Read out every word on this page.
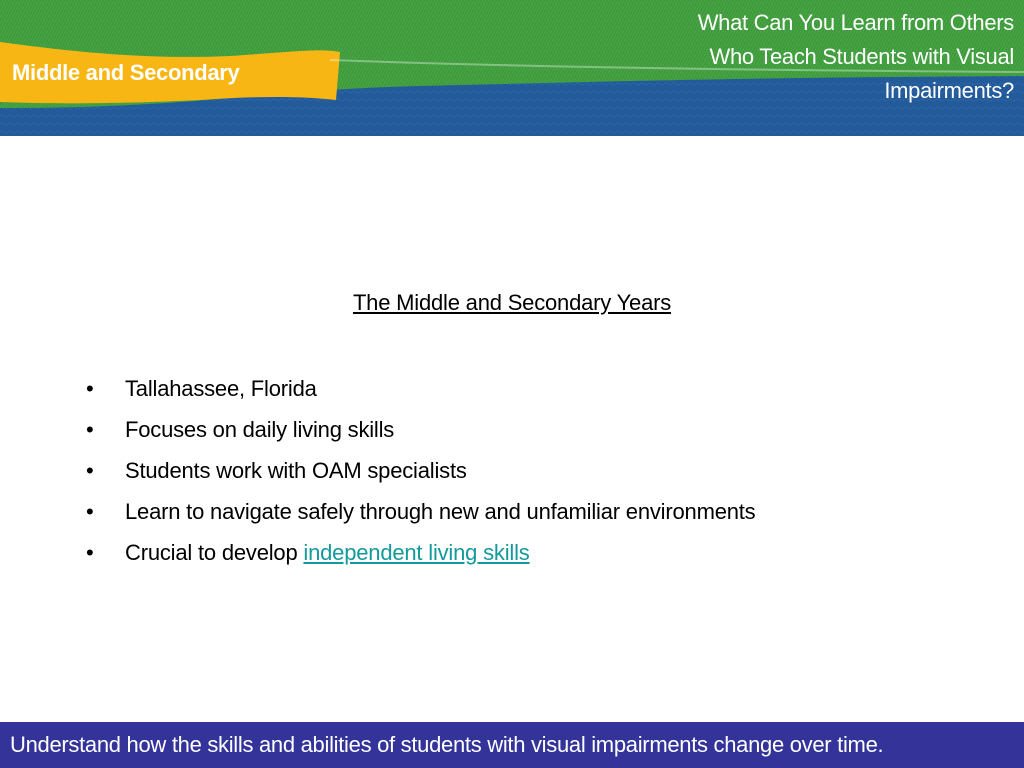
Middle and Secondary
What Can You Learn from Others
Who Teach Students with Visual
Impairments?
The Middle and Secondary Years
• Tallahassee, Florida
• Focuses on daily living skills
• Students work with OAM specialists
• Learn to navigate safely through new and unfamiliar environments
• Crucial to develop independent living skills
Understand how the skills and abilities of students with visual impairments change over time.
